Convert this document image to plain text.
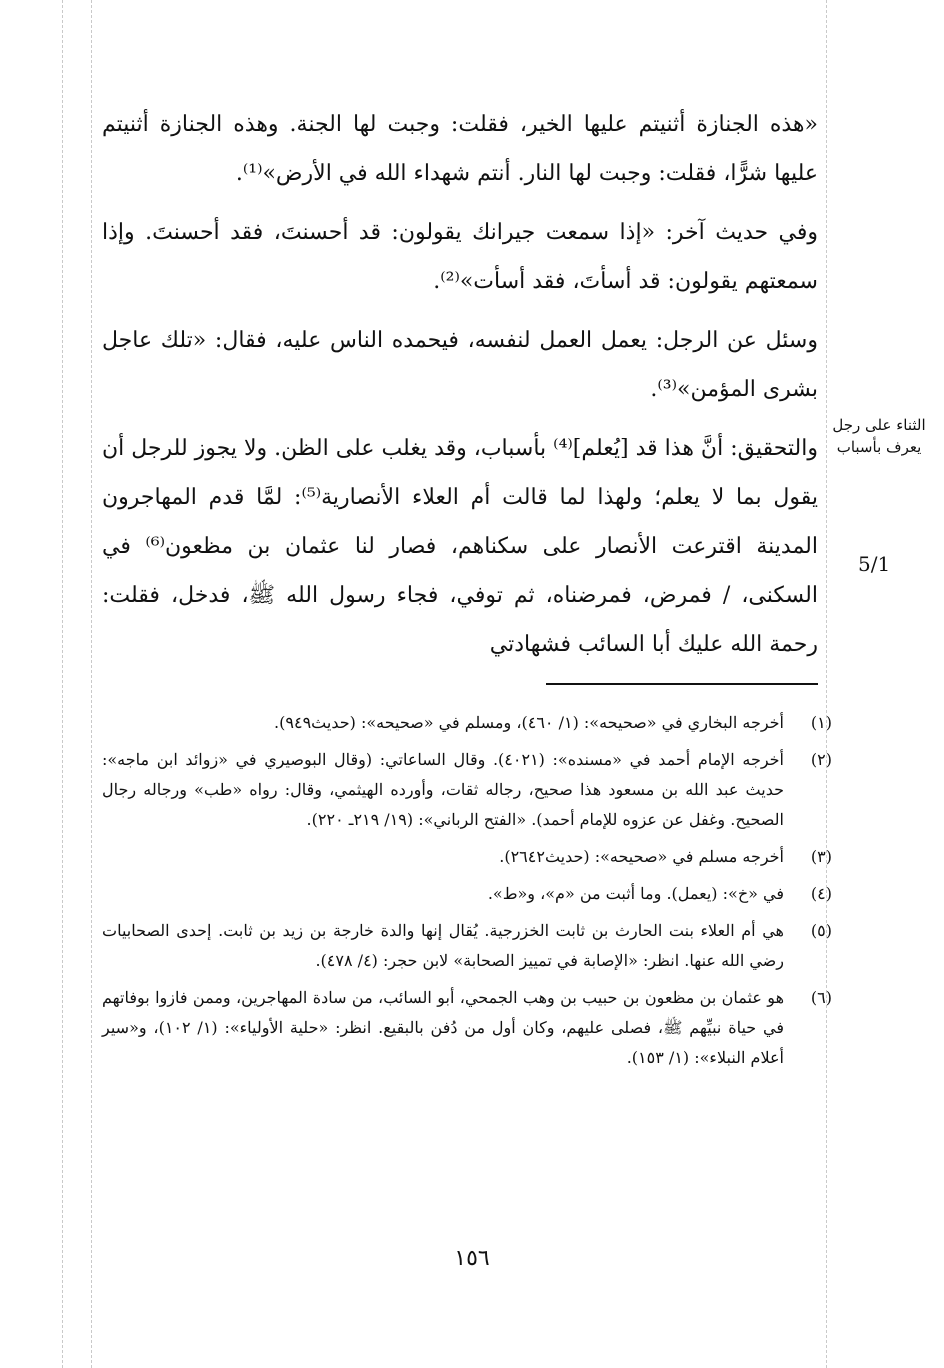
«هذه الجنازة أثنيتم عليها الخير، فقلت: وجبت لها الجنة. وهذه الجنازة أثنيتم عليها شرًّا، فقلت: وجبت لها النار. أنتم شهداء الله في الأرض»⁽¹⁾.

وفي حديث آخر: «إذا سمعت جيرانك يقولون: قد أحسنتَ، فقد أحسنتَ. وإذا سمعتهم يقولون: قد أسأتَ، فقد أسأت»⁽²⁾.

وسئل عن الرجل: يعمل العمل لنفسه، فيحمده الناس عليه، فقال: «تلك عاجل بشرى المؤمن»⁽³⁾.

والتحقيق: أنَّ هذا قد [يُعلم]⁽⁴⁾ بأسباب، وقد يغلب على الظن. ولا يجوز للرجل أن يقول بما لا يعلم؛ ولهذا لما قالت أم العلاء الأنصارية⁽⁵⁾: لمَّا قدم المهاجرون المدينة اقترعت الأنصار على سكناهم، فصار لنا عثمان بن مظعون⁽⁶⁾ في السكنى، / فمرض، فمرضناه، ثم توفي، فجاء رسول الله ﷺ، فدخل، فقلت: رحمة الله عليك أبا السائب فشهادتي

الثناء على رجل يعرف بأسباب
5/1
(١)
أخرجه البخاري في «صحيحه»: (١/ ٤٦٠)، ومسلم في «صحيحه»: (حديث٩٤٩).
(٢)
أخرجه الإمام أحمد في «مسنده»: (٤٠٢١). وقال الساعاتي: (وقال البوصيري في «زوائد ابن ماجه»: حديث عبد الله بن مسعود هذا صحيح، رجاله ثقات، وأورده الهيثمي، وقال: رواه «طب» ورجاله رجال الصحيح. وغفل عن عزوه للإمام أحمد). «الفتح الرباني»: (١٩/ ٢١٩ـ ٢٢٠).
(٣)
أخرجه مسلم في «صحيحه»: (حديث٢٦٤٢).
(٤)
في «خ»: (يعمل). وما أثبت من «م»، و«ط».
(٥)
هي أم العلاء بنت الحارث بن ثابت الخزرجية. يُقال إنها والدة خارجة بن زيد بن ثابت. إحدى الصحابيات رضي الله عنها. انظر: «الإصابة في تمييز الصحابة» لابن حجر: (٤/ ٤٧٨).
(٦)
هو عثمان بن مظعون بن حبيب بن وهب الجمحي، أبو السائب، من سادة المهاجرين، وممن فازوا بوفاتهم في حياة نبيِّهم ﷺ، فصلى عليهم، وكان أول من دُفن بالبقيع. انظر: «حلية الأولياء»: (١/ ١٠٢)، و«سير أعلام النبلاء»: (١/ ١٥٣).
١٥٦
